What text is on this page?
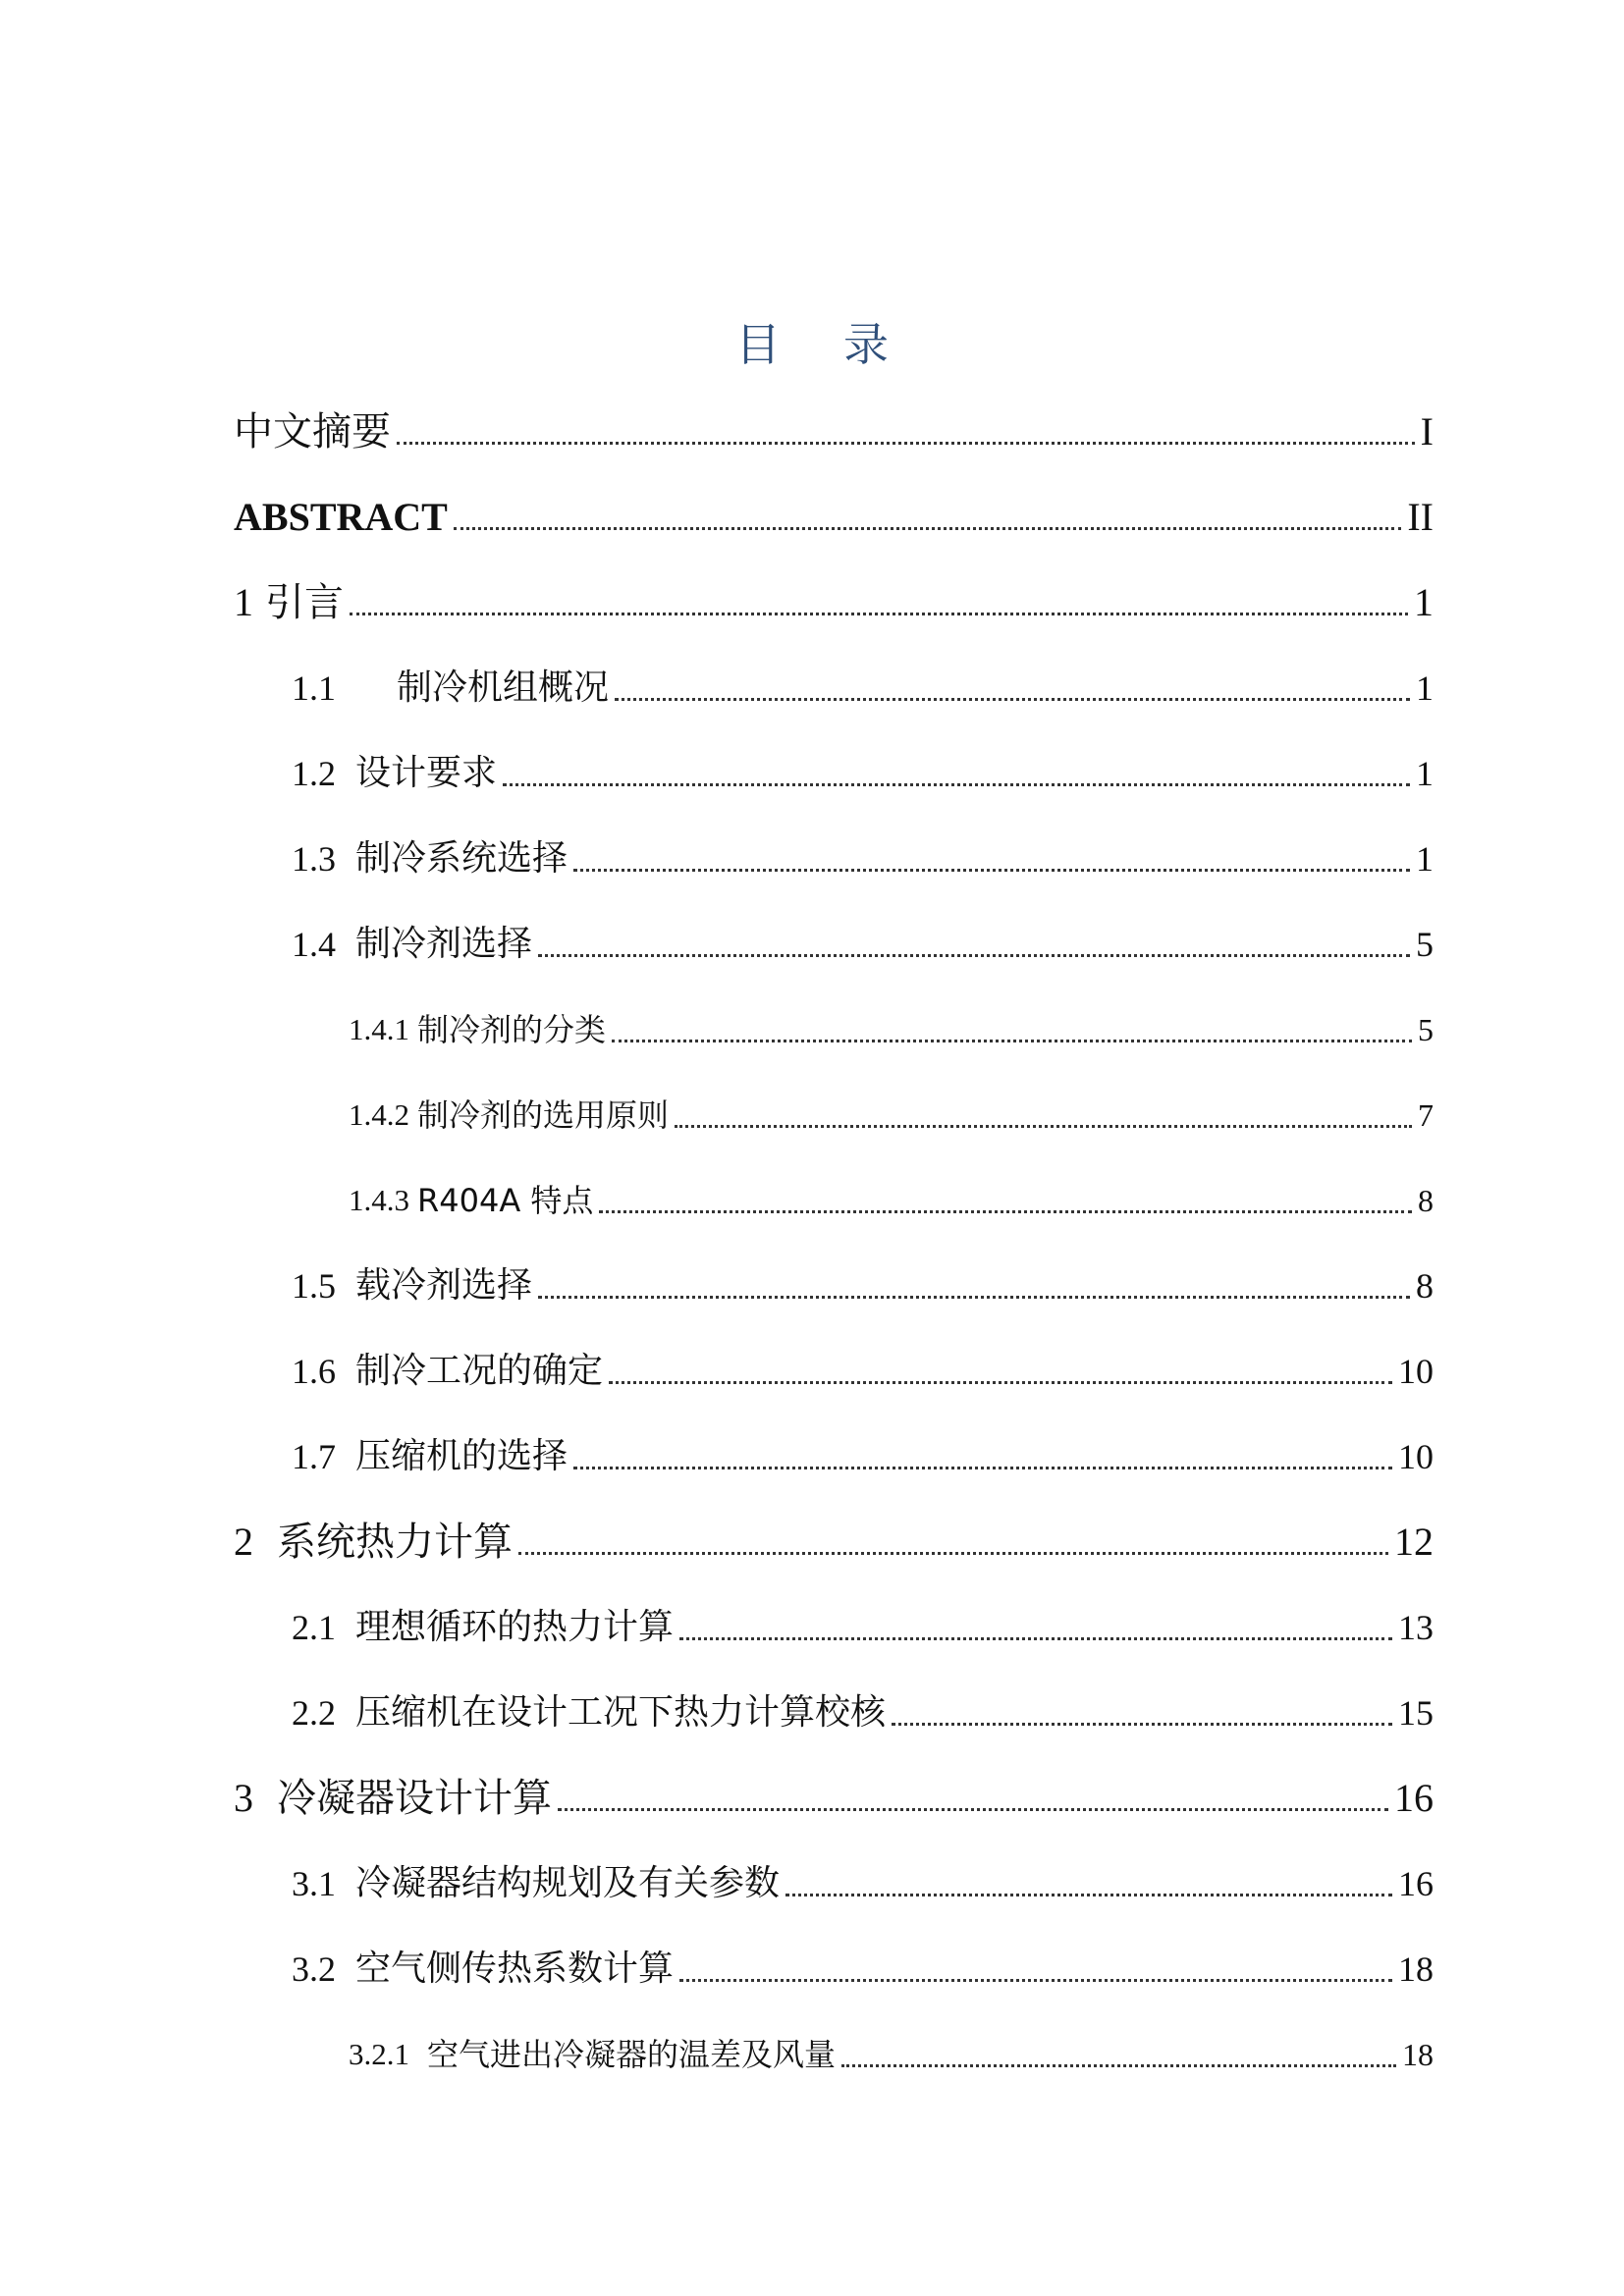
目 录
中文摘要	I
ABSTRACT	II
1 引言	1
1.1 制冷机组概况	1
1.2 设计要求	1
1.3 制冷系统选择	1
1.4 制冷剂选择	5
1.4.1 制冷剂的分类	5
1.4.2 制冷剂的选用原则	7
1.4.3 R404A 特点	8
1.5 载冷剂选择	8
1.6 制冷工况的确定	10
1.7 压缩机的选择	10
2 系统热力计算	12
2.1 理想循环的热力计算	13
2.2 压缩机在设计工况下热力计算校核	15
3 冷凝器设计计算	16
3.1 冷凝器结构规划及有关参数	16
3.2 空气侧传热系数计算	18
3.2.1 空气进出冷凝器的温差及风量	18
